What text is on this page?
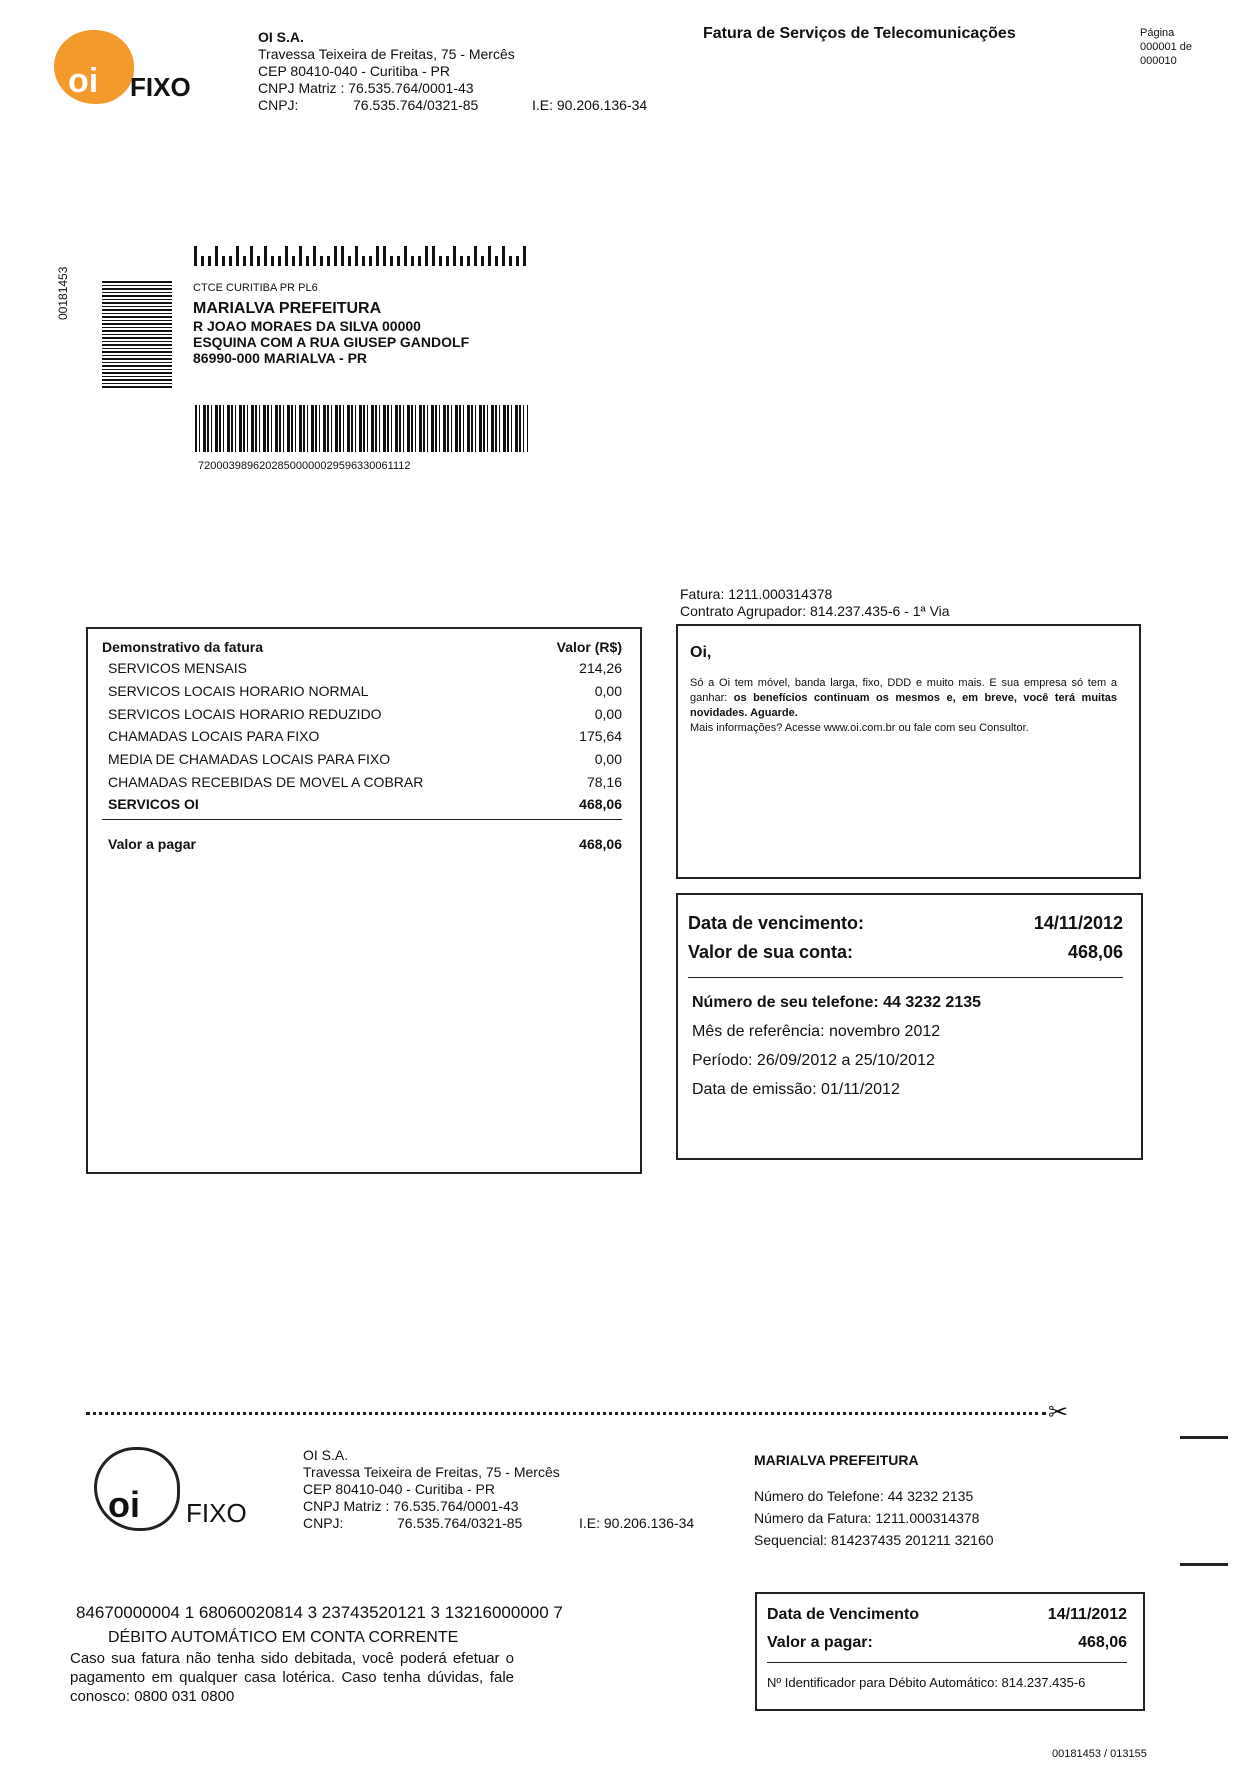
oi FIXO
OI S.A.
Travessa Teixeira de Freitas, 75 - Mercês
CEP 80410-040 - Curitiba - PR
CNPJ Matriz : 76.535.764/0001-43
CNPJ:	76.535.764/0321-85	I.E: 90.206.136-34
Fatura de Serviços de Telecomunicações	Página
000001 de
000010
00181453	CTCE CURITIBA PR PL6
MARIALVA PREFEITURA
R JOAO MORAES DA SILVA 00000
ESQUINA COM A RUA GIUSEP GANDOLF
86990-000 MARIALVA - PR
72000398962028500000029596330061112
Fatura: 1211.000314378
Contrato Agrupador: 814.237.435-6 - 1ª Via
Demonstrativo da fatura	Valor (R$)
SERVICOS MENSAIS	214,26
SERVICOS LOCAIS HORARIO NORMAL	0,00
SERVICOS LOCAIS HORARIO REDUZIDO	0,00
CHAMADAS LOCAIS PARA FIXO	175,64
MEDIA DE CHAMADAS LOCAIS PARA FIXO	0,00
CHAMADAS RECEBIDAS DE MOVEL A COBRAR	78,16
SERVICOS OI	468,06
Valor a pagar	468,06
Oi,
Só a Oi tem móvel, banda larga, fixo, DDD e muito mais. E sua empresa só tem a ganhar: os benefícios continuam os mesmos e, em breve, você terá muitas novidades. Aguarde.
Mais informações? Acesse www.oi.com.br ou fale com seu Consultor.
Data de vencimento:	14/11/2012
Valor de sua conta:	468,06
Número de seu telefone: 44 3232 2135
Mês de referência: novembro 2012
Período: 26/09/2012 a 25/10/2012
Data de emissão: 01/11/2012
✂
oi FIXO
OI S.A.
Travessa Teixeira de Freitas, 75 - Mercês
CEP 80410-040 - Curitiba - PR
CNPJ Matriz : 76.535.764/0001-43
CNPJ:	76.535.764/0321-85	I.E: 90.206.136-34
MARIALVA PREFEITURA
Número do Telefone: 44 3232 2135
Número da Fatura: 1211.000314378
Sequencial: 814237435 201211 32160
84670000004 1 68060020814 3 23743520121 3 13216000000 7
DÉBITO AUTOMÁTICO EM CONTA CORRENTE
Caso sua fatura não tenha sido debitada, você poderá efetuar o pagamento em qualquer casa lotérica. Caso tenha dúvidas, fale conosco: 0800 031 0800
Data de Vencimento	14/11/2012
Valor a pagar:	468,06
Nº Identificador para Débito Automático: 814.237.435-6
00181453 / 013155
